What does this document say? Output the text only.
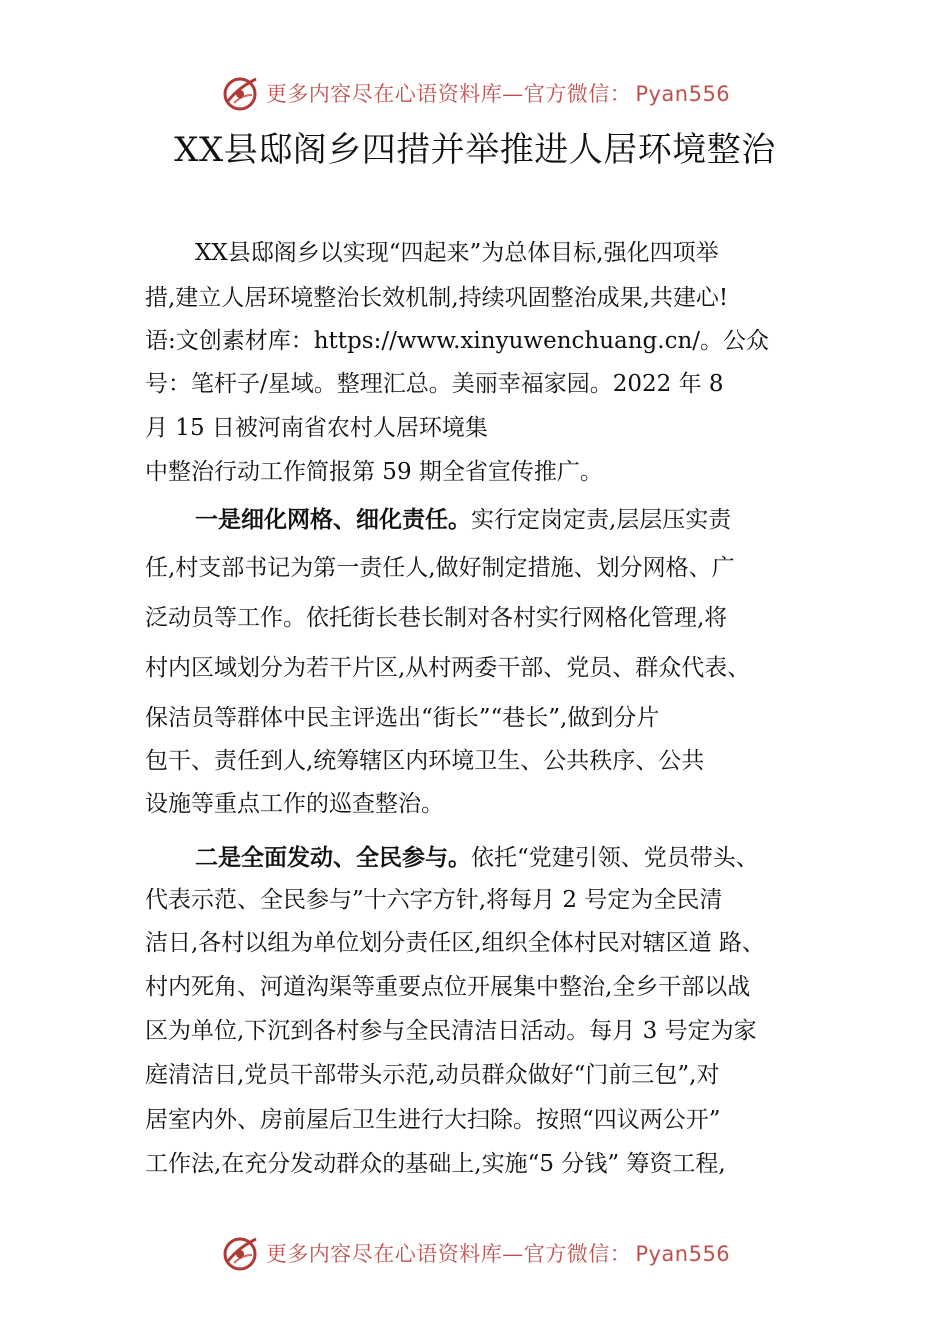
更多内容尽在心语资料库—官方微信： Pyan556
XX县邸阁乡四措并举推进人居环境整治
XX县邸阁乡以实现“四起来”为总体目标,强化四项举
措,建立人居环境整治长效机制,持续巩固整治成果,共建心!
语:文创素材库：https://www.xinyuwenchuang.cn/。公众
号：笔杆子/星域。整理汇总。美丽幸福家园。2022 年 8
月 15 日被河南省农村人居环境集
中整治行动工作简报第 59 期全省宣传推广。
一是细化网格、细化责任。实行定岗定责,层层压实责
任,村支部书记为第一责任人,做好制定措施、划分网格、广
泛动员等工作。依托街长巷长制对各村实行网格化管理,将
村内区域划分为若干片区,从村两委干部、党员、群众代表、
保洁员等群体中民主评选出“街长”“巷长”,做到分片
包干、责任到人,统筹辖区内环境卫生、公共秩序、公共
设施等重点工作的巡查整治。
二是全面发动、全民参与。依托“党建引领、党员带头、
代表示范、全民参与”十六字方针,将每月 2 号定为全民清
洁日,各村以组为单位划分责任区,组织全体村民对辖区道 路、
村内死角、河道沟渠等重要点位开展集中整治,全乡干部以战
区为单位,下沉到各村参与全民清洁日活动。每月 3 号定为家
庭清洁日,党员干部带头示范,动员群众做好“门前三包”,对
居室内外、房前屋后卫生进行大扫除。按照“四议两公开”
工作法,在充分发动群众的基础上,实施“5 分钱” 筹资工程,
更多内容尽在心语资料库—官方微信： Pyan556
